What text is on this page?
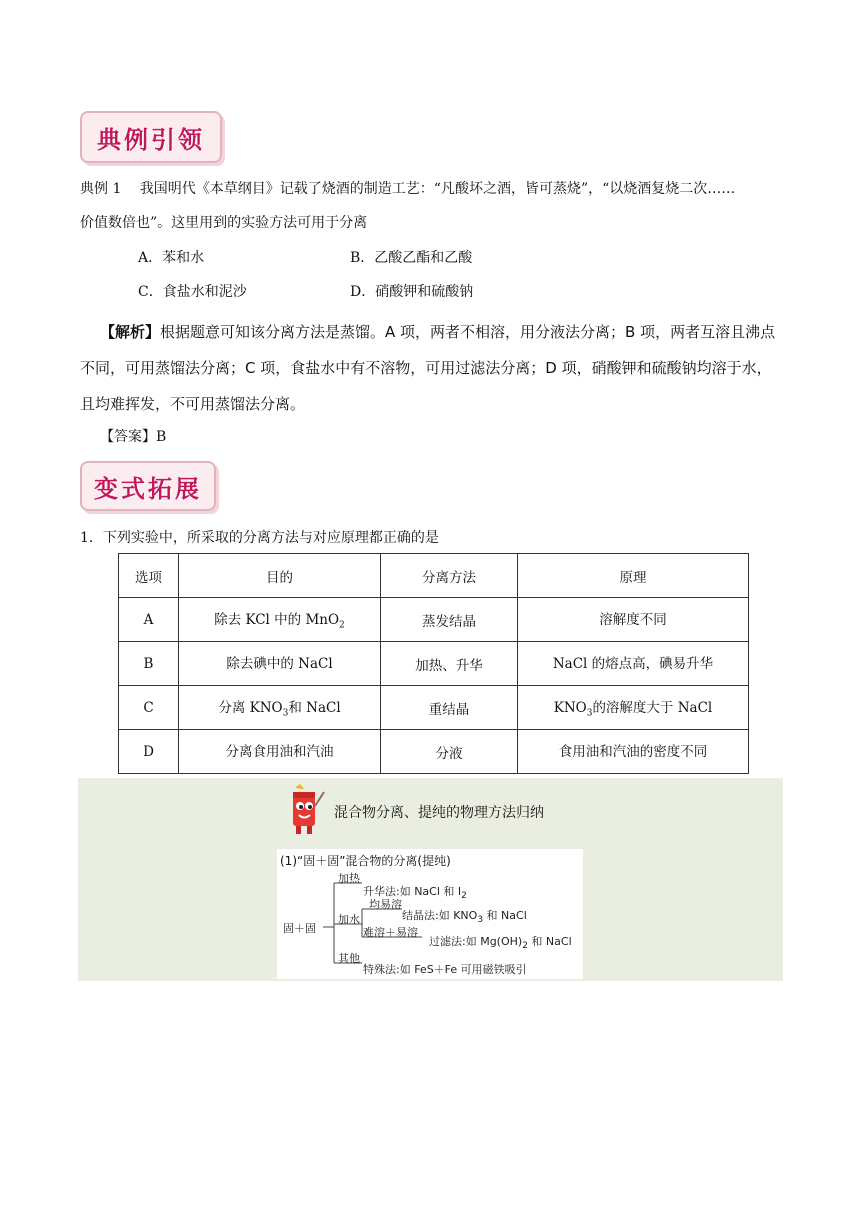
典例引领
典例 1　 我国明代《本草纲目》记载了烧酒的制造工艺：“凡酸坏之酒，皆可蒸烧”，“以烧酒复烧二次……
价值数倍也”。这里用到的实验方法可用于分离
A．苯和水	B．乙酸乙酯和乙酸
C．食盐水和泥沙	D．硝酸钾和硫酸钠
【解析】根据题意可知该分离方法是蒸馏。A 项，两者不相溶，用分液法分离；B 项，两者互溶且沸点不同，可用蒸馏法分离；C 项，食盐水中有不溶物，可用过滤法分离；D 项，硝酸钾和硫酸钠均溶于水，且均难挥发，不可用蒸馏法分离。
【答案】B
变式拓展
1．下列实验中，所采取的分离方法与对应原理都正确的是
选项	目的	分离方法	原理
A	除去 KCl 中的 MnO$_2$	蒸发结晶	溶解度不同
B	除去碘中的 NaCl	加热、升华	NaCl 的熔点高，碘易升华
C	分离 $KNO_3$和 NaCl	重结晶	$KNO_3$的溶解度大于 NaCl
D	分离食用油和汽油	分液	食用油和汽油的密度不同
混合物分离、提纯的物理方法归纳
(1)“固＋固”混合物的分离(提纯)
固＋固
加热
升华法:如 NaCl 和 $I_2$
加水
均易溶
结晶法:如 $KNO_3$ 和 NaCl
难溶＋易溶
过滤法:如 $Mg(OH)_2$ 和 NaCl
其他
特殊法:如 FeS＋Fe 可用磁铁吸引
